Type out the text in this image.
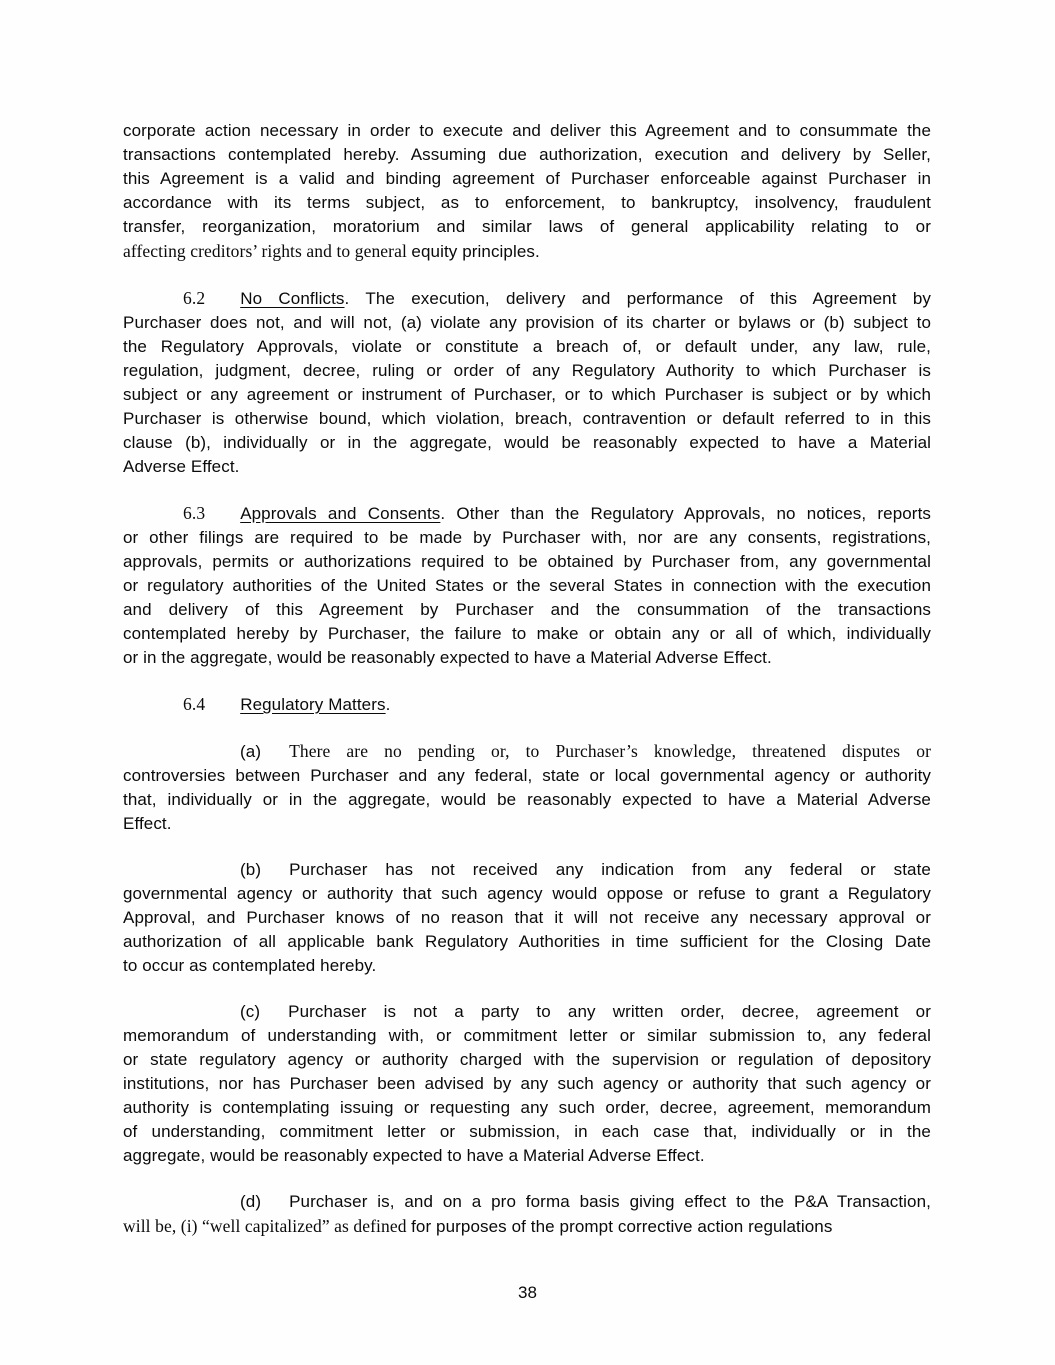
corporate action necessary in order to execute and deliver this Agreement and to consummate the
transactions contemplated hereby. Assuming due authorization, execution and delivery by Seller,
this Agreement is a valid and binding agreement of Purchaser enforceable against Purchaser in
accordance with its terms subject, as to enforcement, to bankruptcy, insolvency, fraudulent
transfer, reorganization, moratorium and similar laws of general applicability relating to or
affecting creditors’ rights and to general equity principles.
6.2 No Conflicts. The execution, delivery and performance of this Agreement by
Purchaser does not, and will not, (a) violate any provision of its charter or bylaws or (b) subject to
the Regulatory Approvals, violate or constitute a breach of, or default under, any law, rule,
regulation, judgment, decree, ruling or order of any Regulatory Authority to which Purchaser is
subject or any agreement or instrument of Purchaser, or to which Purchaser is subject or by which
Purchaser is otherwise bound, which violation, breach, contravention or default referred to in this
clause (b), individually or in the aggregate, would be reasonably expected to have a Material
Adverse Effect.
6.3 Approvals and Consents. Other than the Regulatory Approvals, no notices, reports
or other filings are required to be made by Purchaser with, nor are any consents, registrations,
approvals, permits or authorizations required to be obtained by Purchaser from, any governmental
or regulatory authorities of the United States or the several States in connection with the execution
and delivery of this Agreement by Purchaser and the consummation of the transactions
contemplated hereby by Purchaser, the failure to make or obtain any or all of which, individually
or in the aggregate, would be reasonably expected to have a Material Adverse Effect.
6.4 Regulatory Matters.
(a) There are no pending or, to Purchaser’s knowledge, threatened disputes or
controversies between Purchaser and any federal, state or local governmental agency or authority
that, individually or in the aggregate, would be reasonably expected to have a Material Adverse
Effect.
(b) Purchaser has not received any indication from any federal or state
governmental agency or authority that such agency would oppose or refuse to grant a Regulatory
Approval, and Purchaser knows of no reason that it will not receive any necessary approval or
authorization of all applicable bank Regulatory Authorities in time sufficient for the Closing Date
to occur as contemplated hereby.
(c) Purchaser is not a party to any written order, decree, agreement or
memorandum of understanding with, or commitment letter or similar submission to, any federal
or state regulatory agency or authority charged with the supervision or regulation of depository
institutions, nor has Purchaser been advised by any such agency or authority that such agency or
authority is contemplating issuing or requesting any such order, decree, agreement, memorandum
of understanding, commitment letter or submission, in each case that, individually or in the
aggregate, would be reasonably expected to have a Material Adverse Effect.
(d) Purchaser is, and on a pro forma basis giving effect to the P&A Transaction,
will be, (i) “well capitalized” as defined for purposes of the prompt corrective action regulations
38
